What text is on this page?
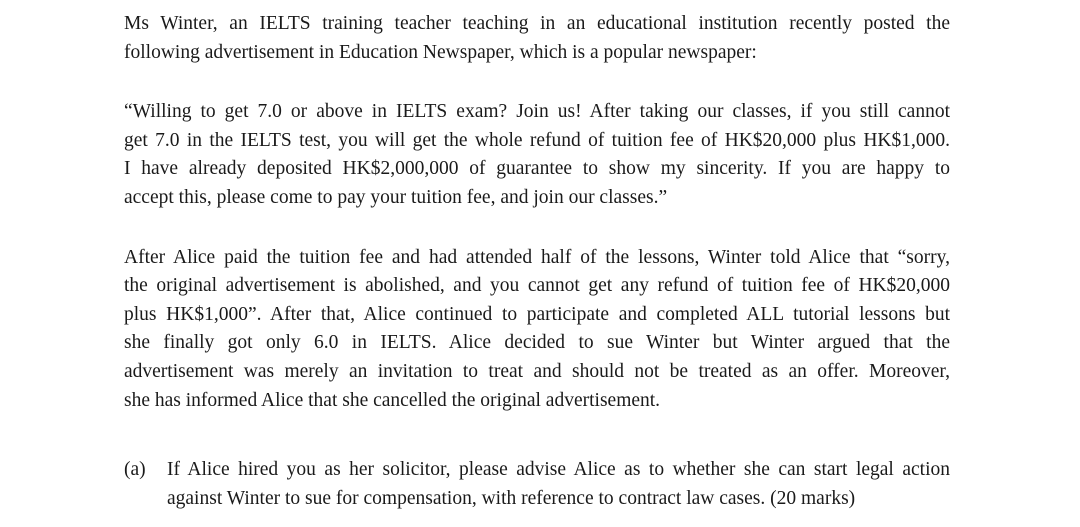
Ms Winter, an IELTS training teacher teaching in an educational institution recently posted the
following advertisement in Education Newspaper, which is a popular newspaper:

“Willing to get 7.0 or above in IELTS exam? Join us! After taking our classes, if you still cannot
get 7.0 in the IELTS test, you will get the whole refund of tuition fee of HK$20,000 plus HK$1,000.
I have already deposited HK$2,000,000 of guarantee to show my sincerity. If you are happy to
accept this, please come to pay your tuition fee, and join our classes.”

After Alice paid the tuition fee and had attended half of the lessons, Winter told Alice that “sorry,
the original advertisement is abolished, and you cannot get any refund of tuition fee of HK$20,000
plus HK$1,000”. After that, Alice continued to participate and completed ALL tutorial lessons but
she finally got only 6.0 in IELTS. Alice decided to sue Winter but Winter argued that the
advertisement was merely an invitation to treat and should not be treated as an offer. Moreover,
she has informed Alice that she cancelled the original advertisement.

(a) If Alice hired you as her solicitor, please advise Alice as to whether she can start legal action
against Winter to sue for compensation, with reference to contract law cases. (20 marks)
